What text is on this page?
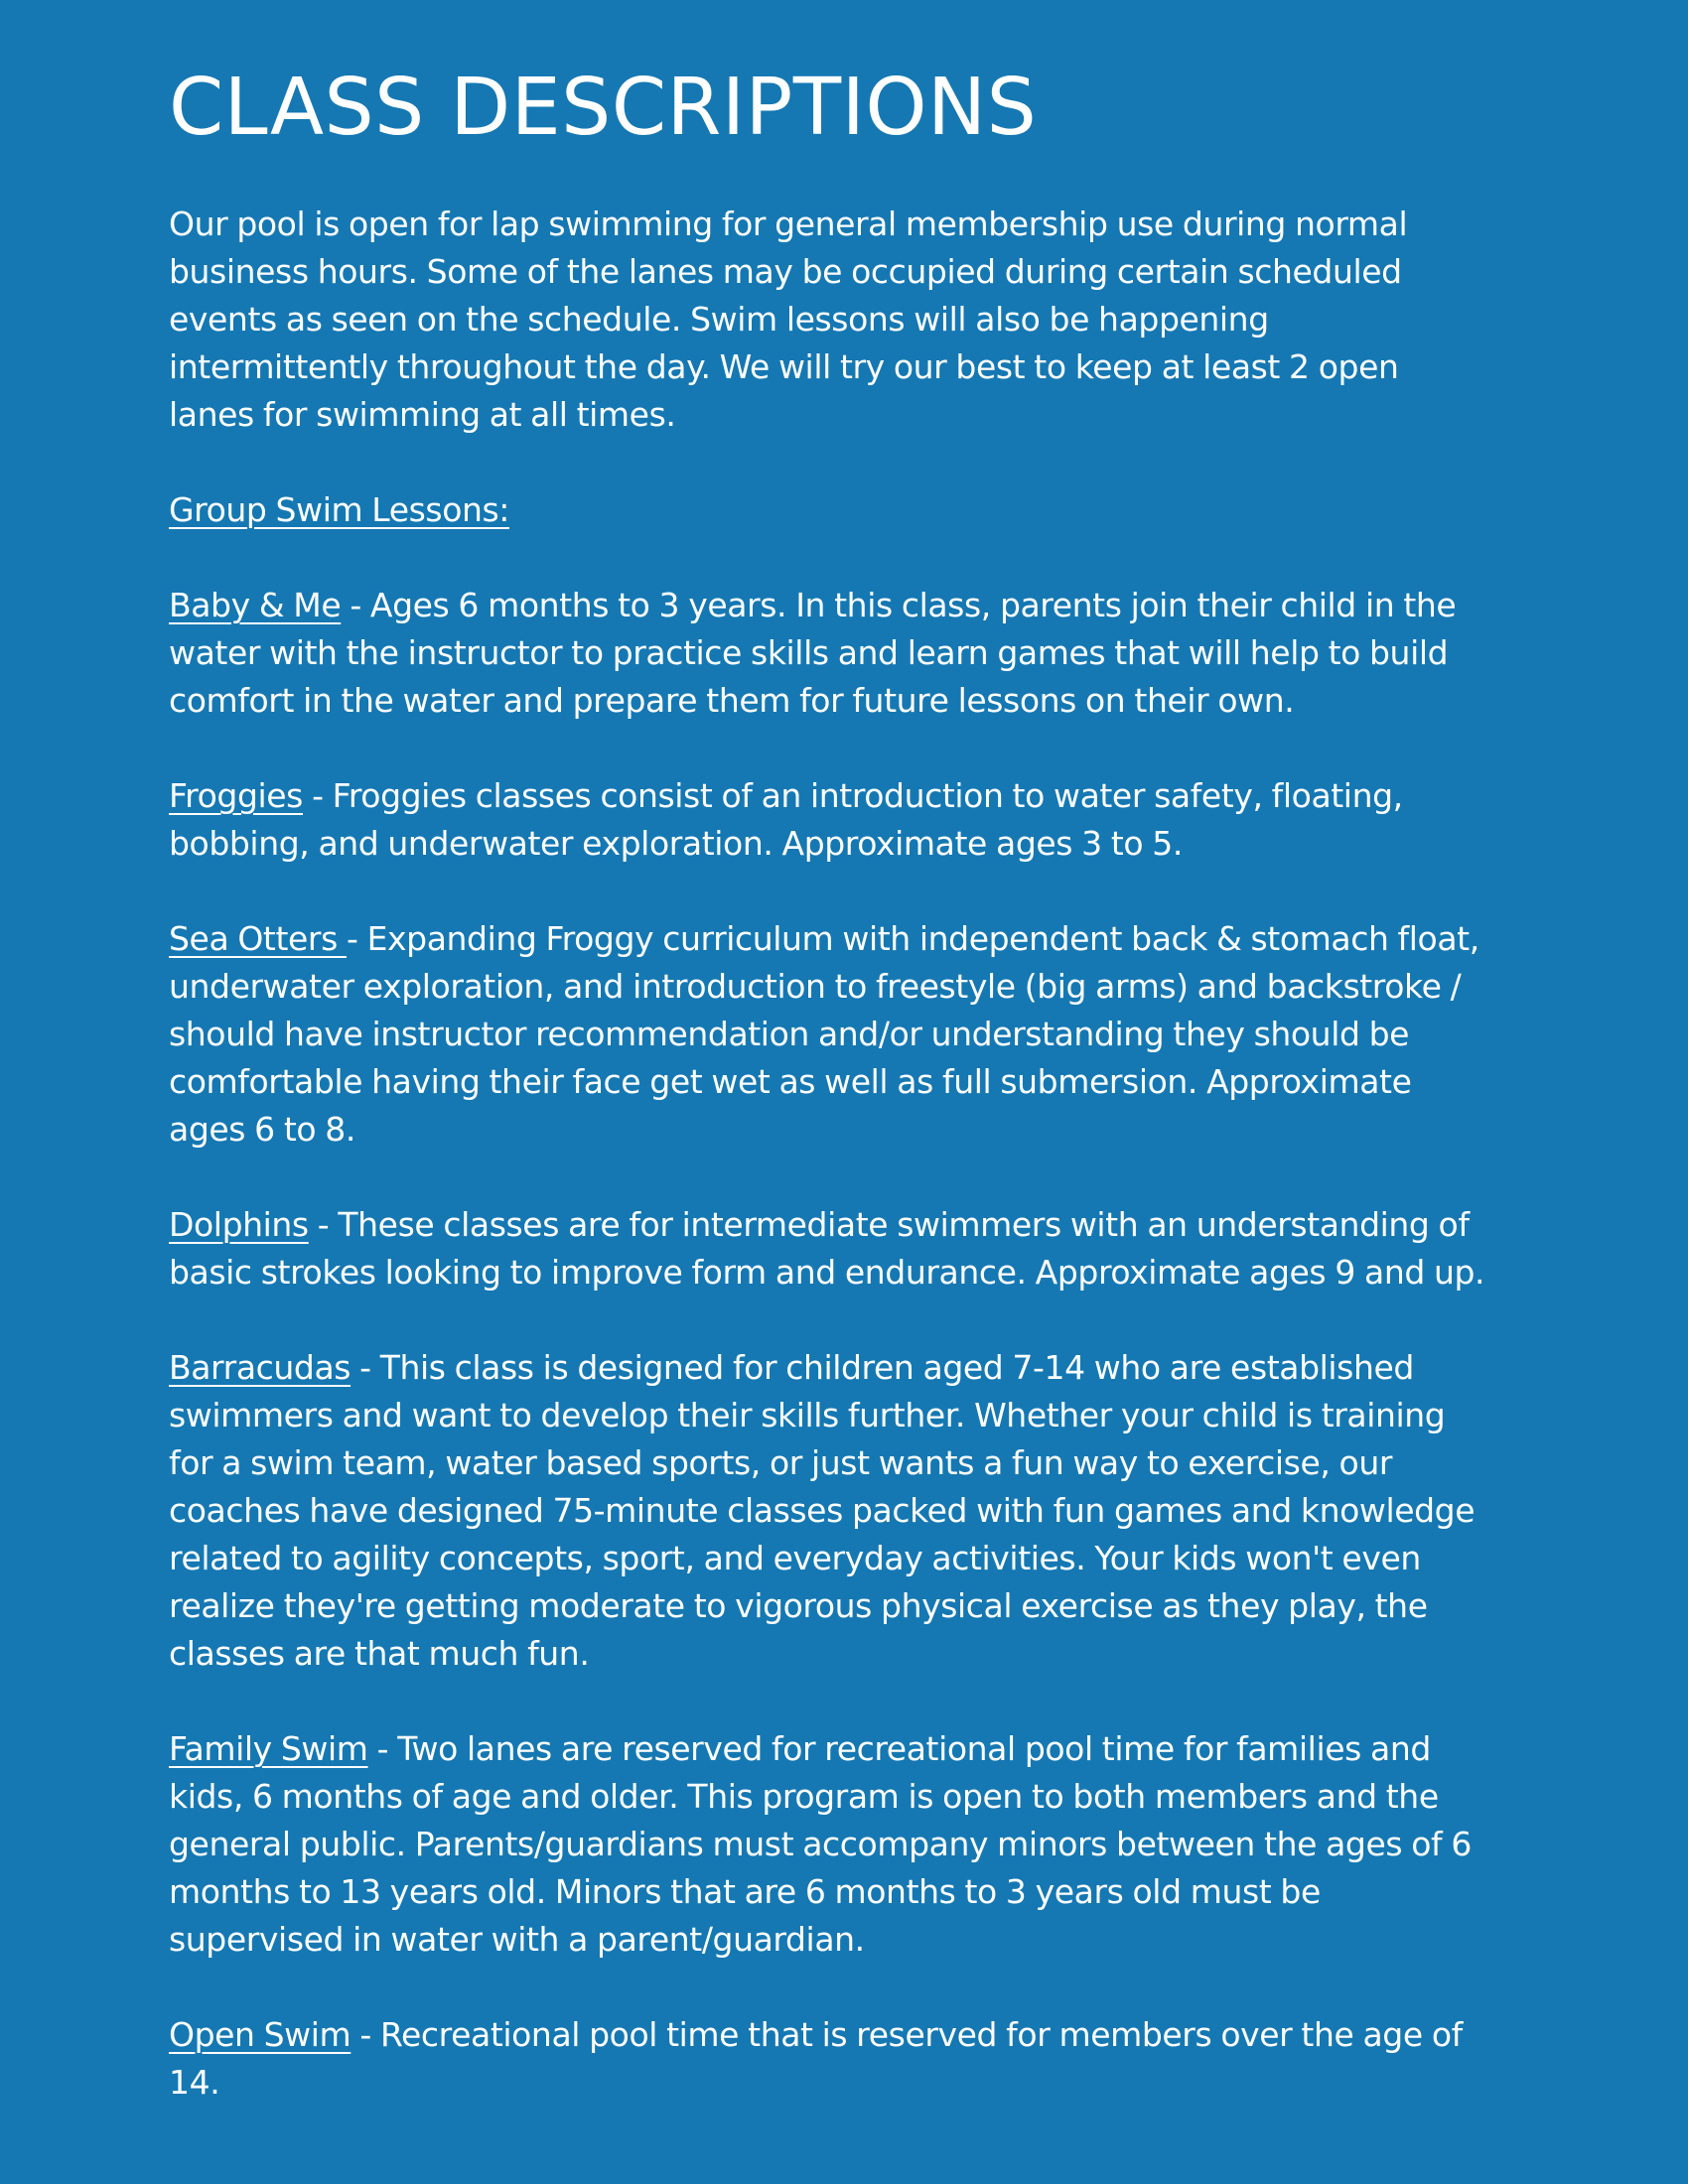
CLASS DESCRIPTIONS

Our pool is open for lap swimming for general membership use during normal business hours. Some of the lanes may be occupied during certain scheduled events as seen on the schedule. Swim lessons will also be happening intermittently throughout the day. We will try our best to keep at least 2 open lanes for swimming at all times.

Group Swim Lessons:

Baby & Me - Ages 6 months to 3 years. In this class, parents join their child in the water with the instructor to practice skills and learn games that will help to build comfort in the water and prepare them for future lessons on their own.

Froggies - Froggies classes consist of an introduction to water safety, floating, bobbing, and underwater exploration. Approximate ages 3 to 5.

Sea Otters - Expanding Froggy curriculum with independent back & stomach float, underwater exploration, and introduction to freestyle (big arms) and backstroke / should have instructor recommendation and/or understanding they should be comfortable having their face get wet as well as full submersion. Approximate ages 6 to 8.

Dolphins - These classes are for intermediate swimmers with an understanding of basic strokes looking to improve form and endurance. Approximate ages 9 and up.

Barracudas - This class is designed for children aged 7-14 who are established swimmers and want to develop their skills further. Whether your child is training for a swim team, water based sports, or just wants a fun way to exercise, our coaches have designed 75-minute classes packed with fun games and knowledge related to agility concepts, sport, and everyday activities. Your kids won't even realize they're getting moderate to vigorous physical exercise as they play, the classes are that much fun.

Family Swim - Two lanes are reserved for recreational pool time for families and kids, 6 months of age and older. This program is open to both members and the general public. Parents/guardians must accompany minors between the ages of 6 months to 13 years old. Minors that are 6 months to 3 years old must be supervised in water with a parent/guardian.

Open Swim - Recreational pool time that is reserved for members over the age of 14.
